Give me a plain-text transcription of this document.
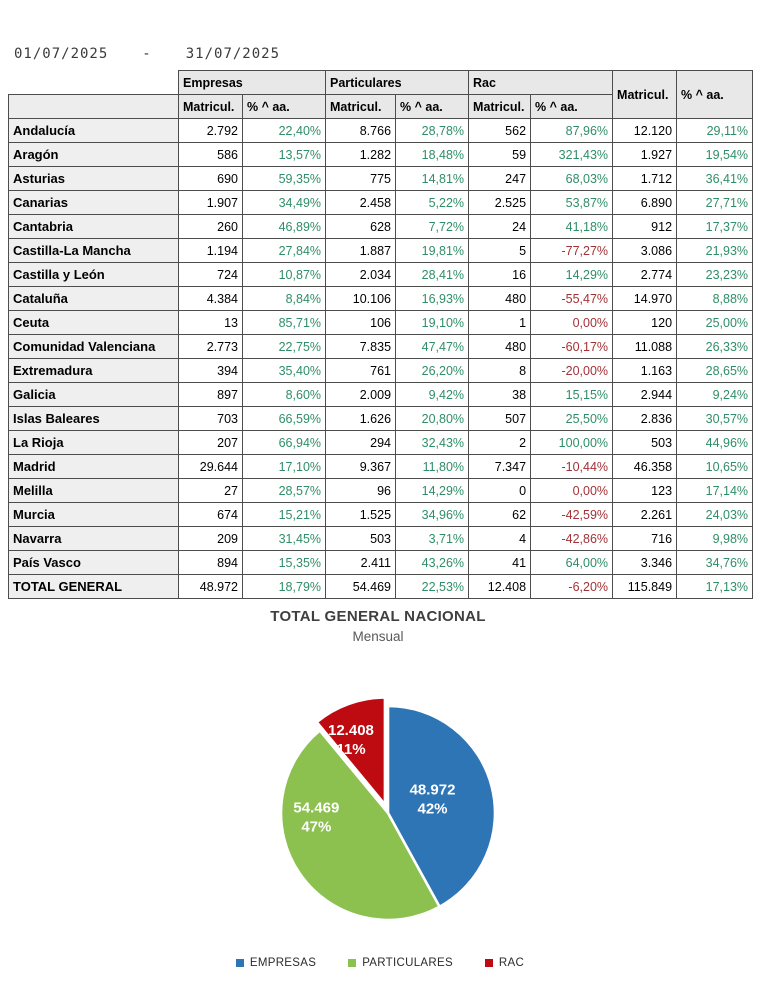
01/07/2025 - 31/07/2025
	Empresas		Particulares		Rac		Matricul.	% ^ aa.
	Matricul.	% ^ aa.	Matricul.	% ^ aa.	Matricul.	% ^ aa.		
Andalucía	2.792	22,40%	8.766	28,78%	562	87,96%	12.120	29,11%
Aragón	586	13,57%	1.282	18,48%	59	321,43%	1.927	19,54%
Asturias	690	59,35%	775	14,81%	247	68,03%	1.712	36,41%
Canarias	1.907	34,49%	2.458	5,22%	2.525	53,87%	6.890	27,71%
Cantabria	260	46,89%	628	7,72%	24	41,18%	912	17,37%
Castilla-La Mancha	1.194	27,84%	1.887	19,81%	5	-77,27%	3.086	21,93%
Castilla y León	724	10,87%	2.034	28,41%	16	14,29%	2.774	23,23%
Cataluña	4.384	8,84%	10.106	16,93%	480	-55,47%	14.970	8,88%
Ceuta	13	85,71%	106	19,10%	1	0,00%	120	25,00%
Comunidad Valenciana	2.773	22,75%	7.835	47,47%	480	-60,17%	11.088	26,33%
Extremadura	394	35,40%	761	26,20%	8	-20,00%	1.163	28,65%
Galicia	897	8,60%	2.009	9,42%	38	15,15%	2.944	9,24%
Islas Baleares	703	66,59%	1.626	20,80%	507	25,50%	2.836	30,57%
La Rioja	207	66,94%	294	32,43%	2	100,00%	503	44,96%
Madrid	29.644	17,10%	9.367	11,80%	7.347	-10,44%	46.358	10,65%
Melilla	27	28,57%	96	14,29%	0	0,00%	123	17,14%
Murcia	674	15,21%	1.525	34,96%	62	-42,59%	2.261	24,03%
Navarra	209	31,45%	503	3,71%	4	-42,86%	716	9,98%
País Vasco	894	15,35%	2.411	43,26%	41	64,00%	3.346	34,76%
TOTAL GENERAL	48.972	18,79%	54.469	22,53%	12.408	-6,20%	115.849	17,13%
TOTAL GENERAL NACIONAL
Mensual
48.972 42%
54.469 47%
12.408 11%
EMPRESAS	PARTICULARES	RAC
